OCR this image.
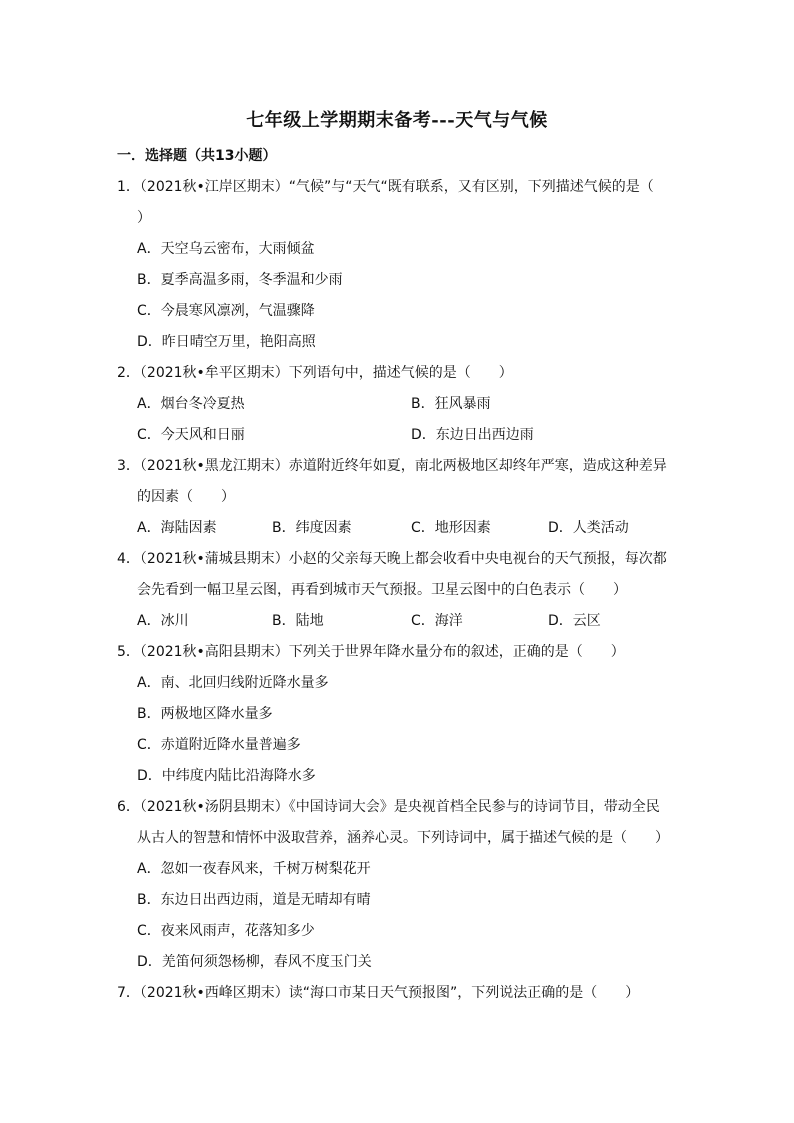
七年级上学期期末备考---天气与气候
一．选择题（共13小题）
1．（2021秋•江岸区期末）“气候”与“天气“既有联系，又有区别，下列描述气候的是（
）
A．天空乌云密布，大雨倾盆
B．夏季高温多雨，冬季温和少雨
C．今晨寒风凛冽，气温骤降
D．昨日晴空万里，艳阳高照
2．（2021秋•牟平区期末）下列语句中，描述气候的是（　　）
A．烟台冬冷夏热	B．狂风暴雨
C．今天风和日丽	D．东边日出西边雨
3．（2021秋•黑龙江期末）赤道附近终年如夏，南北两极地区却终年严寒，造成这种差异
的因素（　　）
A．海陆因素	B．纬度因素	C．地形因素	D．人类活动
4．（2021秋•蒲城县期末）小赵的父亲每天晚上都会收看中央电视台的天气预报，每次都
会先看到一幅卫星云图，再看到城市天气预报。卫星云图中的白色表示（　　）
A．冰川	B．陆地	C．海洋	D．云区
5．（2021秋•高阳县期末）下列关于世界年降水量分布的叙述，正确的是（　　）
A．南、北回归线附近降水量多
B．两极地区降水量多
C．赤道附近降水量普遍多
D．中纬度内陆比沿海降水多
6．（2021秋•汤阴县期末）《中国诗词大会》是央视首档全民参与的诗词节目，带动全民
从古人的智慧和情怀中汲取营养，涵养心灵。下列诗词中，属于描述气候的是（　　）
A．忽如一夜春风来，千树万树梨花开
B．东边日出西边雨，道是无晴却有晴
C．夜来风雨声，花落知多少
D．羌笛何须怨杨柳，春风不度玉门关
7．（2021秋•西峰区期末）读“海口市某日天气预报图”，下列说法正确的是（　　）
